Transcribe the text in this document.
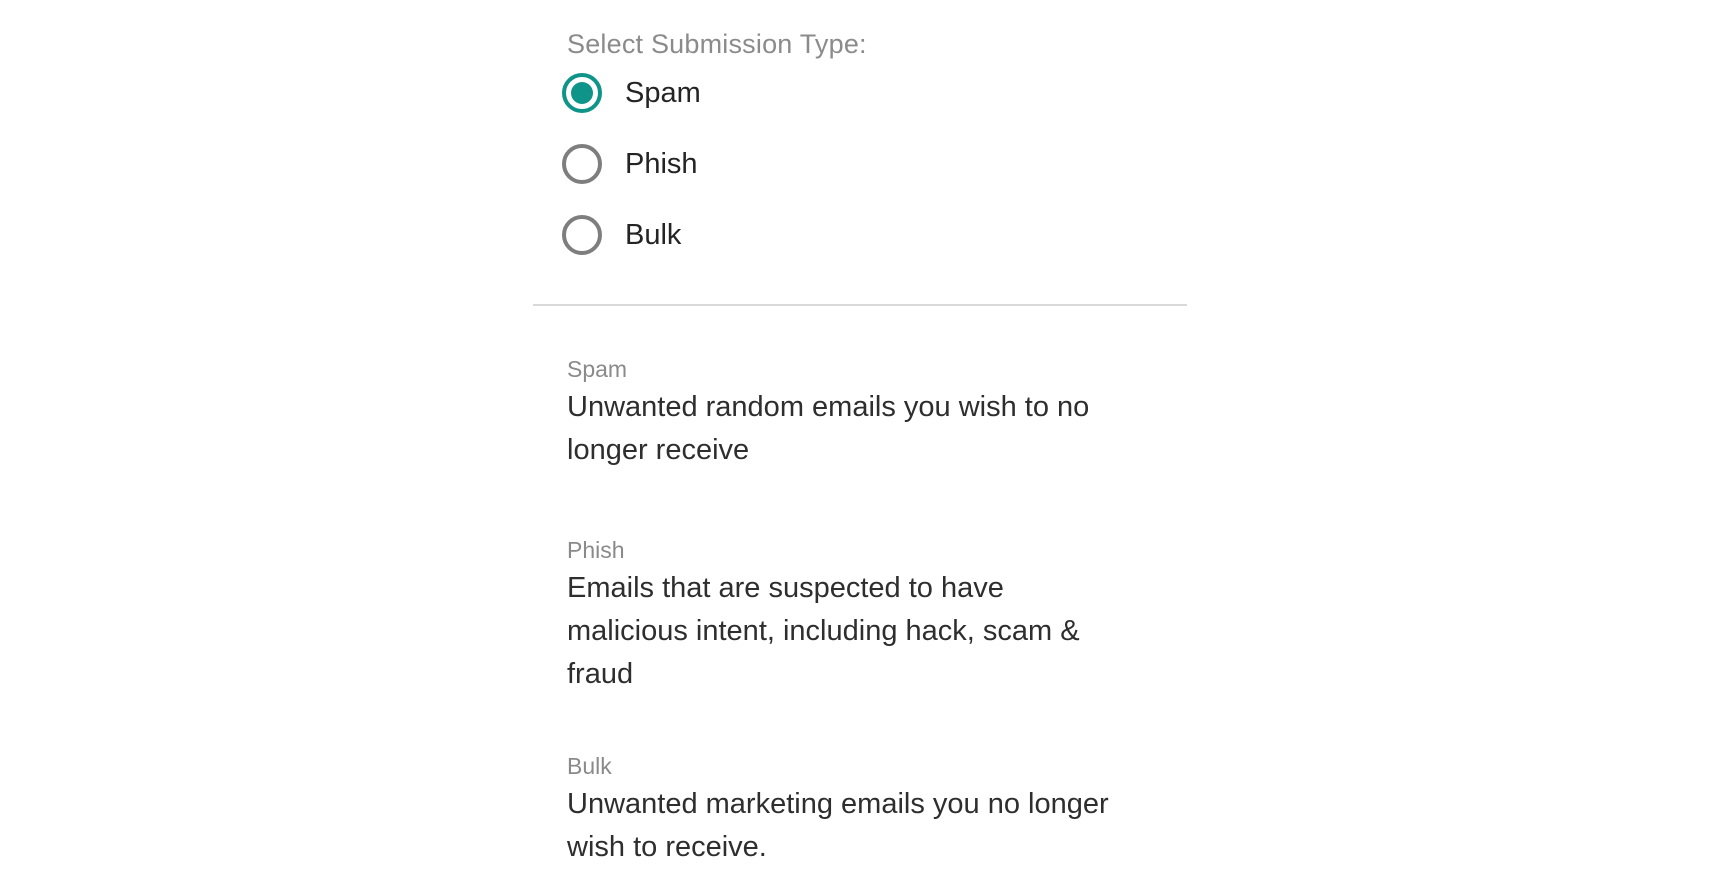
Select Submission Type:
Spam
Phish
Bulk
Spam
Unwanted random emails you wish to no
longer receive
Phish
Emails that are suspected to have
malicious intent, including hack, scam &
fraud
Bulk
Unwanted marketing emails you no longer
wish to receive.
